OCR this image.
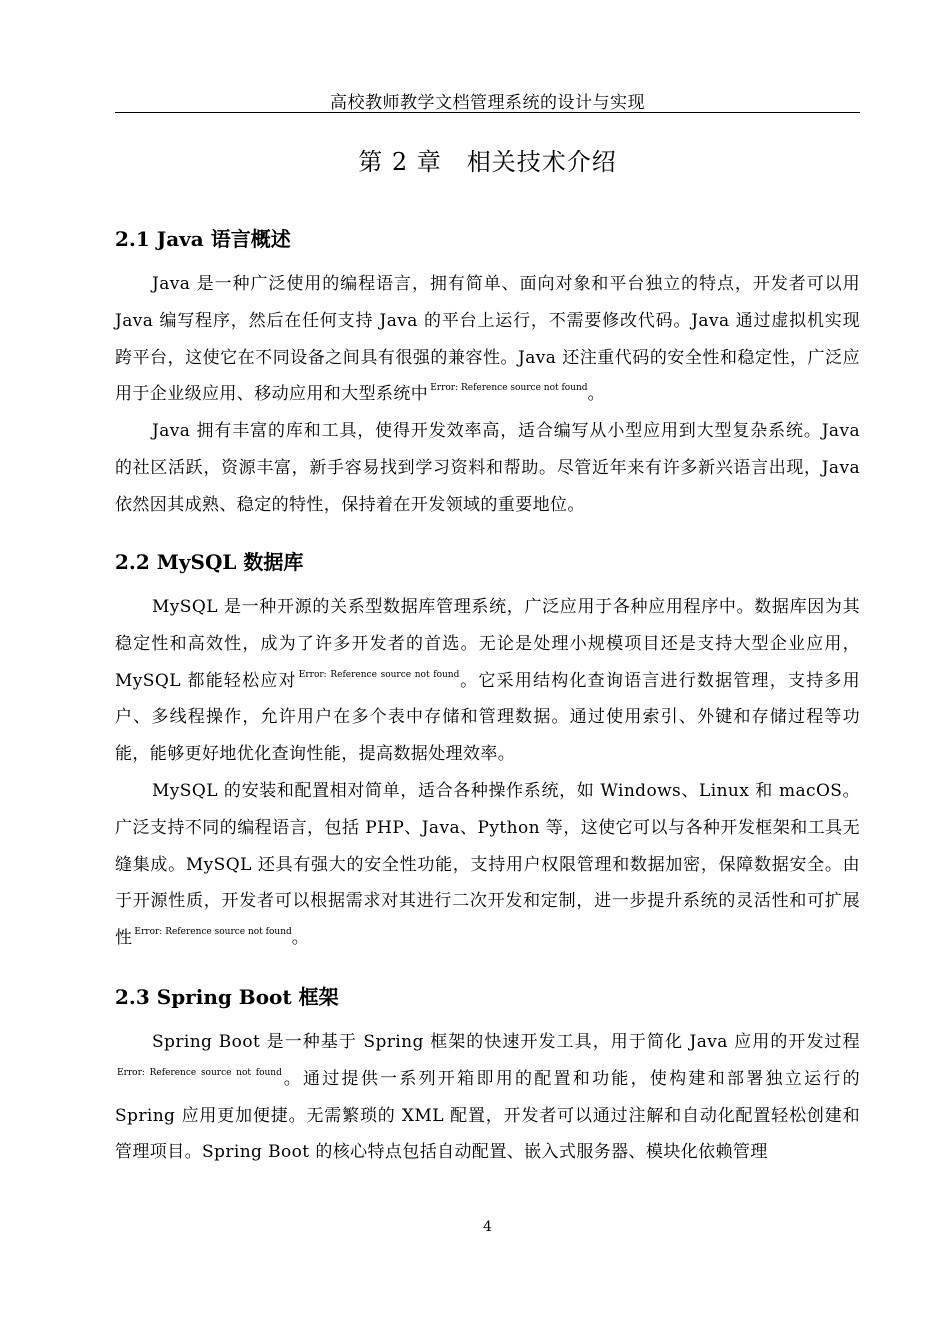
高校教师教学文档管理系统的设计与实现
第 2 章　相关技术介绍
2.1 Java 语言概述

Java 是一种广泛使用的编程语言，拥有简单、面向对象和平台独立的特点，开发者可以用 Java 编写程序，然后在任何支持 Java 的平台上运行，不需要修改代码。Java 通过虚拟机实现跨平台，这使它在不同设备之间具有很强的兼容性。Java 还注重代码的安全性和稳定性，广泛应用于企业级应用、移动应用和大型系统中 $^{Error: Reference source not found}$。

Java 拥有丰富的库和工具，使得开发效率高，适合编写从小型应用到大型复杂系统。Java 的社区活跃，资源丰富，新手容易找到学习资料和帮助。尽管近年来有许多新兴语言出现，Java 依然因其成熟、稳定的特性，保持着在开发领域的重要地位。

2.2 MySQL 数据库

MySQL 是一种开源的关系型数据库管理系统，广泛应用于各种应用程序中。数据库因为其稳定性和高效性，成为了许多开发者的首选。无论是处理小规模项目还是支持大型企业应用，MySQL 都能轻松应对 $^{Error: Reference source not found}$。它采用结构化查询语言进行数据管理，支持多用户、多线程操作，允许用户在多个表中存储和管理数据。通过使用索引、外键和存储过程等功能，能够更好地优化查询性能，提高数据处理效率。

MySQL 的安装和配置相对简单，适合各种操作系统，如 Windows、Linux 和 macOS。广泛支持不同的编程语言，包括 PHP、Java、Python 等，这使它可以与各种开发框架和工具无缝集成。MySQL 还具有强大的安全性功能，支持用户权限管理和数据加密，保障数据安全。由于开源性质，开发者可以根据需求对其进行二次开发和定制，进一步提升系统的灵活性和可扩展性 $^{Error: Reference source not found}$。

2.3 Spring Boot 框架

Spring Boot 是一种基于 Spring 框架的快速开发工具，用于简化 Java 应用的开发过程$^{Error: Reference source not found}$。通过提供一系列开箱即用的配置和功能，使构建和部署独立运行的 Spring 应用更加便捷。无需繁琐的 XML 配置，开发者可以通过注解和自动化配置轻松创建和管理项目。Spring Boot 的核心特点包括自动配置、嵌入式服务器、模块化依赖管理

4
